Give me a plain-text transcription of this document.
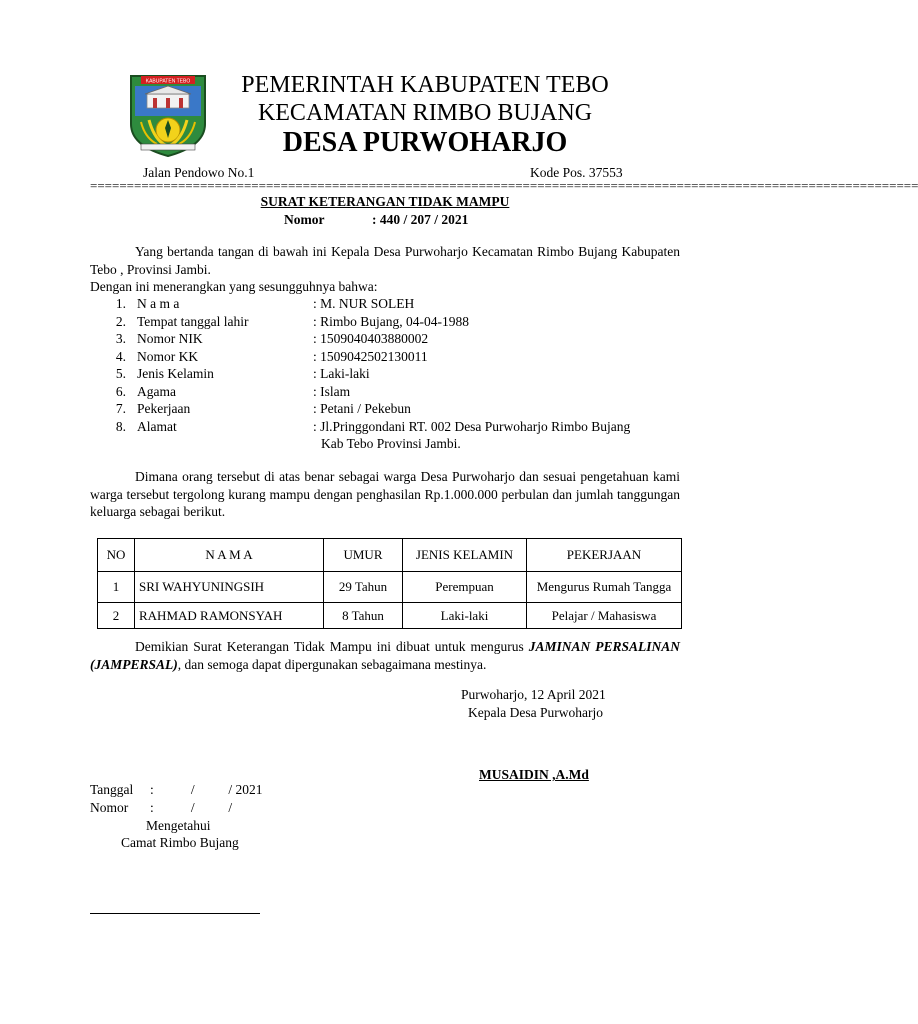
KABUPATEN TEBO	PEMERINTAH KABUPATEN TEBO
KECAMATAN RIMBO BUJANG
DESA PURWOHARJO
Jalan Pendowo No.1	Kode Pos. 37553
=================================================================================================================
SURAT KETERANGAN TIDAK MAMPU
Nomor	: 440 / 207 / 2021
Yang bertanda tangan di bawah ini Kepala Desa Purwoharjo Kecamatan Rimbo Bujang Kabupaten Tebo , Provinsi Jambi.
Dengan ini menerangkan yang sesungguhnya bahwa:
1. N a m a	: M. NUR SOLEH
2. Tempat tanggal lahir	: Rimbo Bujang, 04-04-1988
3. Nomor NIK	: 1509040403880002
4. Nomor KK	: 1509042502130011
5. Jenis Kelamin	: Laki-laki
6. Agama	: Islam
7. Pekerjaan	: Petani / Pekebun
8. Alamat	: Jl.Pringgondani RT. 002 Desa Purwoharjo Rimbo Bujang
Kab Tebo Provinsi Jambi.
Dimana orang tersebut di atas benar sebagai warga Desa Purwoharjo dan sesuai pengetahuan kami warga tersebut tergolong kurang mampu dengan penghasilan Rp.1.000.000 perbulan dan jumlah tanggungan keluarga sebagai berikut.
NO	N A M A	UMUR	JENIS KELAMIN	PEKERJAAN
1	SRI WAHYUNINGSIH	29 Tahun	Perempuan	Mengurus Rumah Tangga
2	RAHMAD RAMONSYAH	8 Tahun	Laki-laki	Pelajar / Mahasiswa
Demikian Surat Keterangan Tidak Mampu ini dibuat untuk mengurus JAMINAN PERSALINAN (JAMPERSAL), dan semoga dapat dipergunakan sebagaimana mestinya.
Purwoharjo, 12 April 2021
Kepala Desa Purwoharjo
MUSAIDIN ,A.Md
Tanggal :           /          / 2021
Nomor :           /          /
Mengetahui
Camat Rimbo Bujang
